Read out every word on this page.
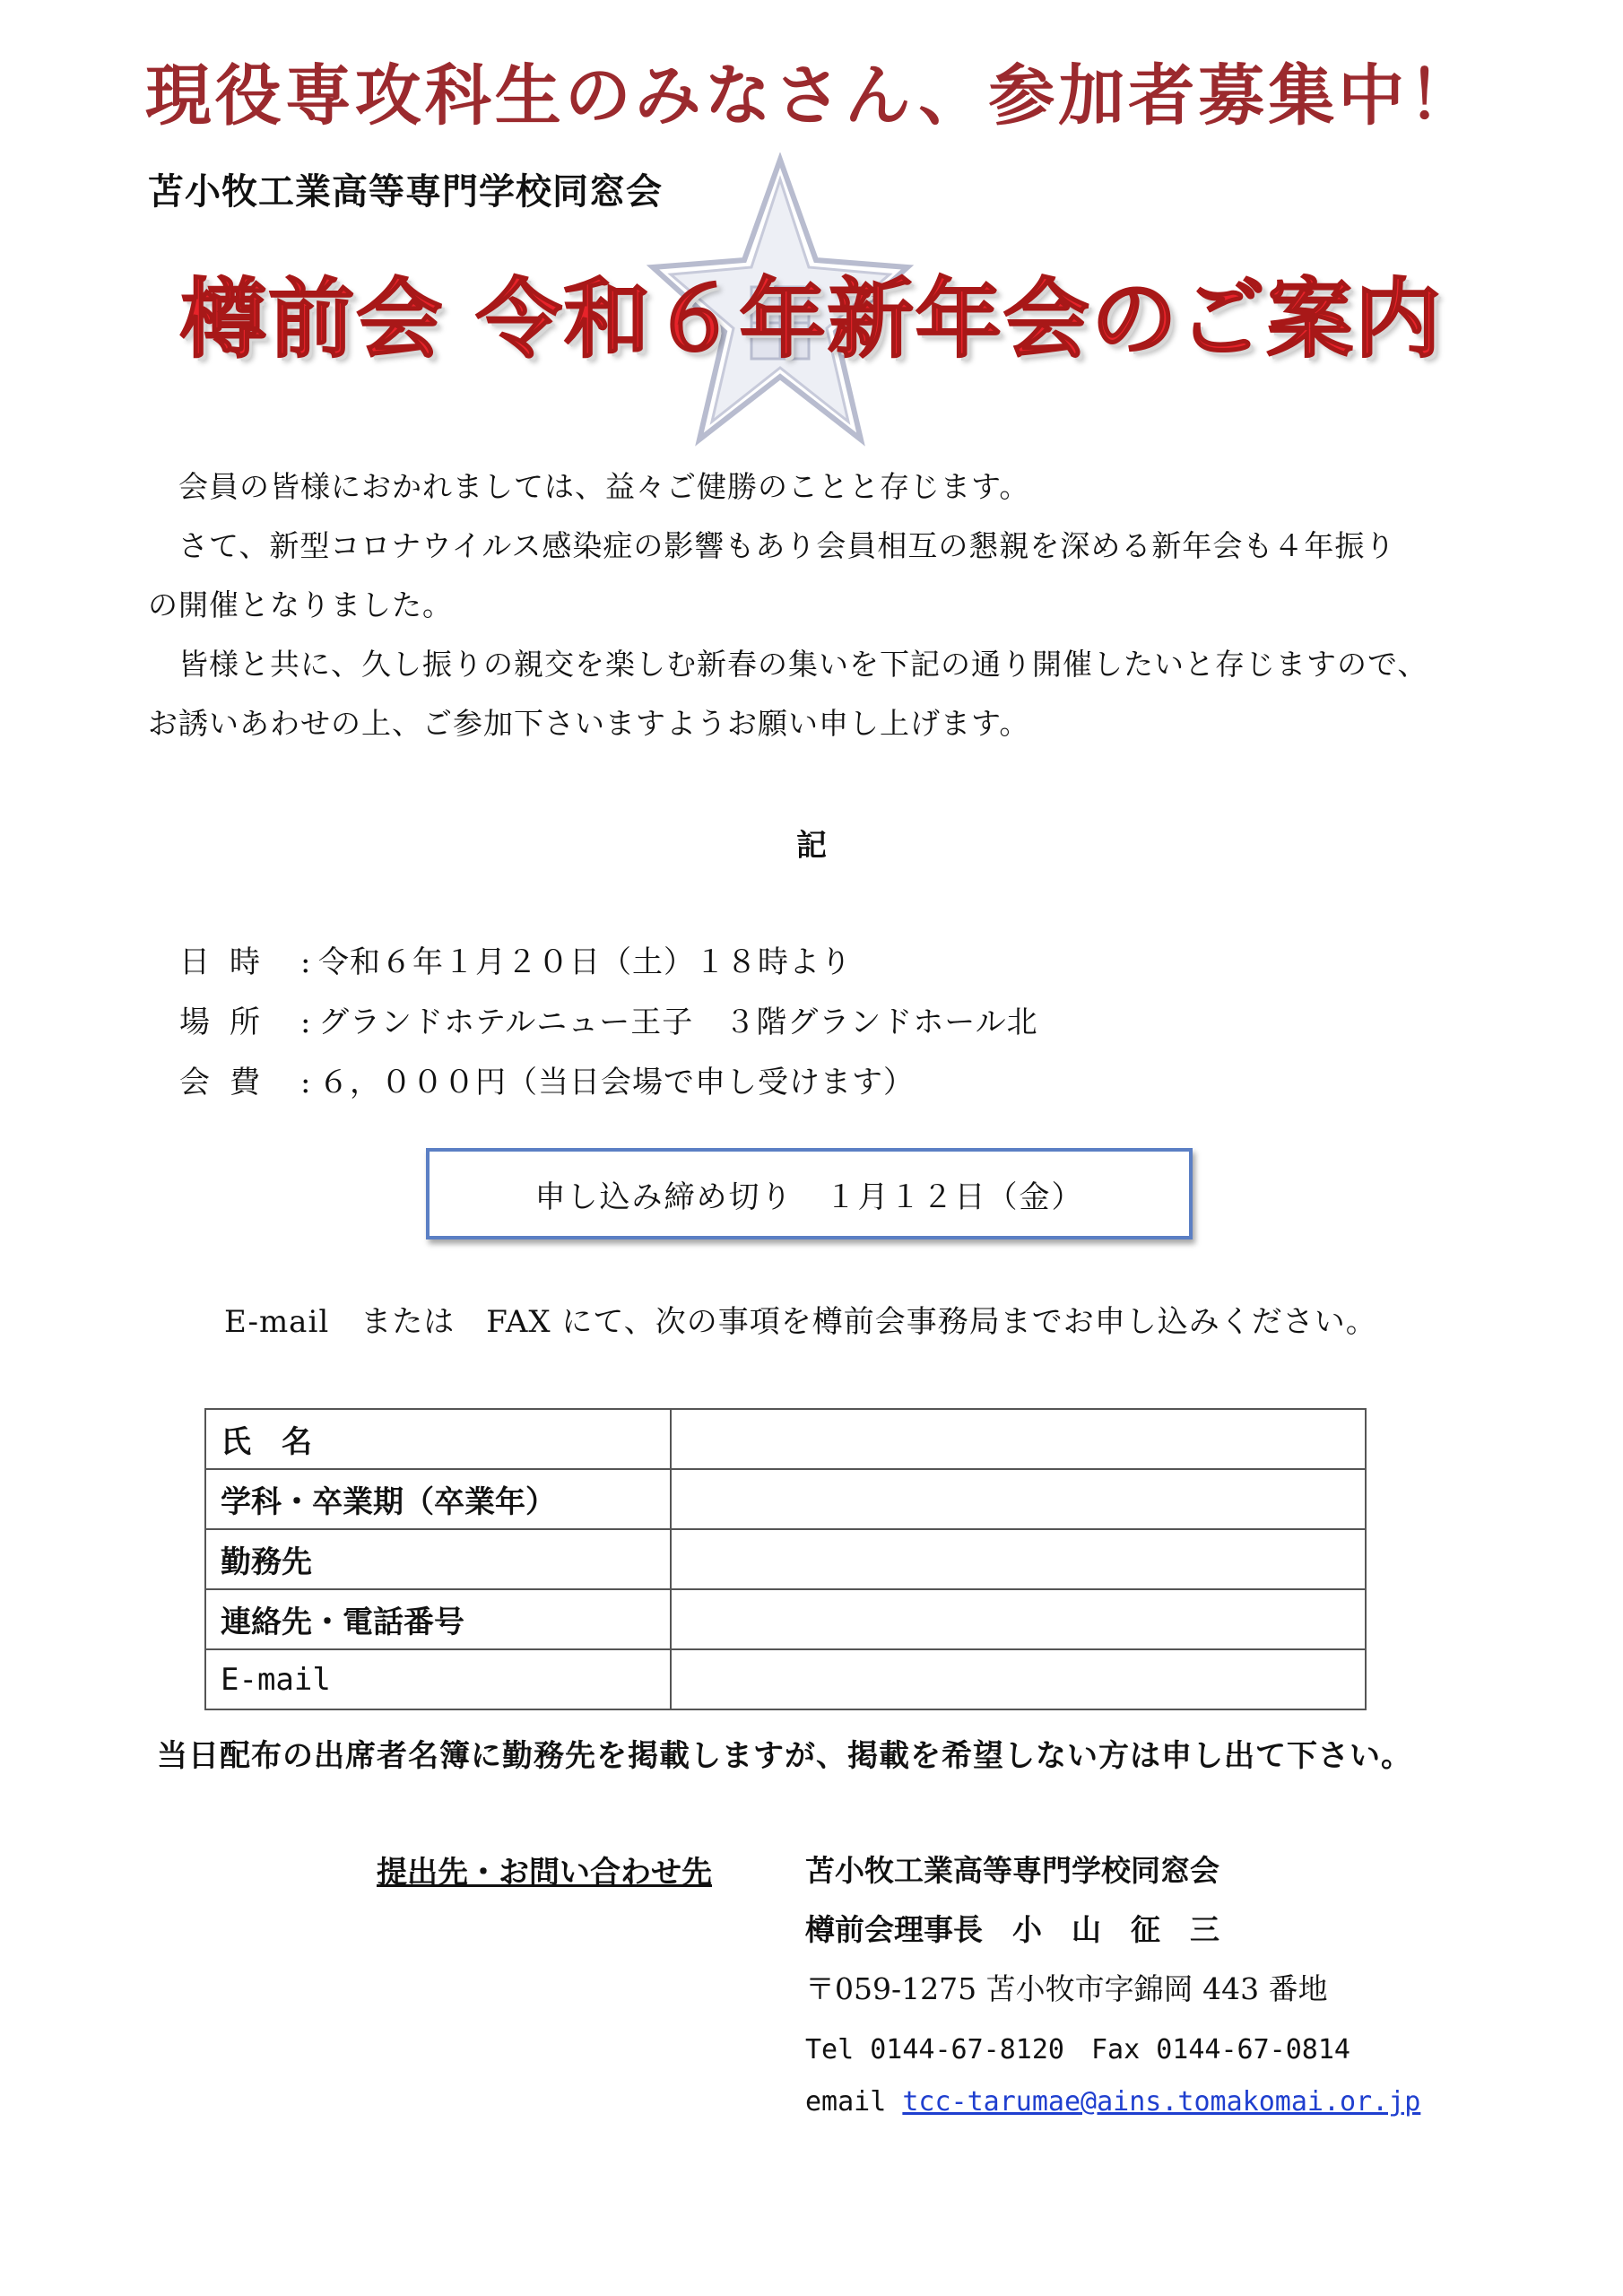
現役専攻科生のみなさん、参加者募集中！
苫小牧工業高等専門学校同窓会
樽前会 令和６年新年会のご案内
　会員の皆様におかれましては、益々ご健勝のことと存じます。
　さて、新型コロナウイルス感染症の影響もあり会員相互の懇親を深める新年会も４年振り
の開催となりました。
　皆様と共に、久し振りの親交を楽しむ新春の集いを下記の通り開催したいと存じますので、
お誘いあわせの上、ご参加下さいますようお願い申し上げます。
記
日時 : 令和６年１月２０日（土）１８時より
場所 : グランドホテルニュー王子　３階グランドホール北
会費 : ６，０００円（当日会場で申し受けます）
申し込み締め切り　１月１２日（金）
E-mail　または　FAX にて、次の事項を樽前会事務局までお申し込みください。
氏　名	
学科・卒業期（卒業年）	
勤務先	
連絡先・電話番号	
E-mail	
当日配布の出席者名簿に勤務先を掲載しますが、掲載を希望しない方は申し出て下さい。
提出先・お問い合わせ先	苫小牧工業高等専門学校同窓会
樽前会理事長　小　山　征　三
〒059-1275 苫小牧市字錦岡 443 番地
Tel 0144-67-8120　Fax 0144-67-0814
email tcc-tarumae@ains.tomakomai.or.jp
